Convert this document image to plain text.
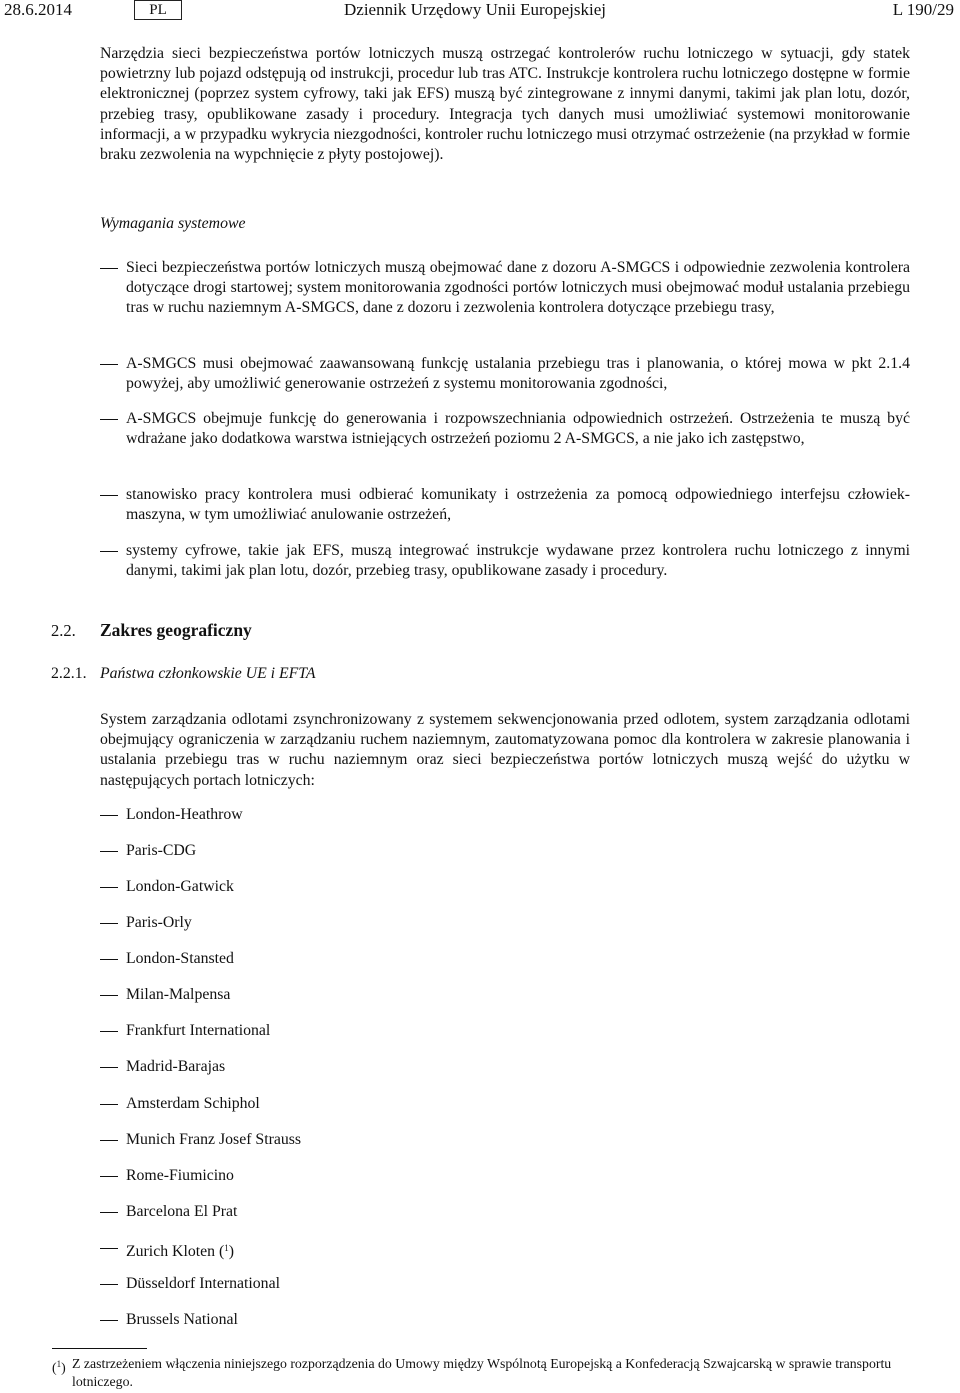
28.6.2014	PL	Dziennik Urzędowy Unii Europejskiej	L 190/29
Narzędzia sieci bezpieczeństwa portów lotniczych muszą ostrzegać kontrolerów ruchu lotniczego w sytuacji, gdy statek powietrzny lub pojazd odstępują od instrukcji, procedur lub tras ATC. Instrukcje kontrolera ruchu lotniczego dostępne w formie elektronicznej (poprzez system cyfrowy, taki jak EFS) muszą być zintegrowane z innymi danymi, takimi jak plan lotu, dozór, przebieg trasy, opublikowane zasady i procedury. Integracja tych danych musi umożliwiać systemowi monitorowanie informacji, a w przypadku wykrycia niezgodności, kontroler ruchu lotniczego musi otrzymać ostrzeżenie (na przykład w formie braku zezwolenia na wypchnięcie z płyty postojowej).
Wymagania systemowe
Sieci bezpieczeństwa portów lotniczych muszą obejmować dane z dozoru A-SMGCS i odpowiednie zezwolenia kontrolera dotyczące drogi startowej; system monitorowania zgodności portów lotniczych musi obejmować moduł ustalania przebiegu tras w ruchu naziemnym A-SMGCS, dane z dozoru i zezwolenia kontrolera dotyczące przebiegu trasy,
A-SMGCS musi obejmować zaawansowaną funkcję ustalania przebiegu tras i planowania, o której mowa w pkt 2.1.4 powyżej, aby umożliwić generowanie ostrzeżeń z systemu monitorowania zgodności,
A-SMGCS obejmuje funkcję do generowania i rozpowszechniania odpowiednich ostrzeżeń. Ostrzeżenia te muszą być wdrażane jako dodatkowa warstwa istniejących ostrzeżeń poziomu 2 A-SMGCS, a nie jako ich zastępstwo,
stanowisko pracy kontrolera musi odbierać komunikaty i ostrzeżenia za pomocą odpowiedniego interfejsu człowiek-maszyna, w tym umożliwiać anulowanie ostrzeżeń,
systemy cyfrowe, takie jak EFS, muszą integrować instrukcje wydawane przez kontrolera ruchu lotniczego z innymi danymi, takimi jak plan lotu, dozór, przebieg trasy, opublikowane zasady i procedury.
2.2. Zakres geograficzny
2.2.1. Państwa członkowskie UE i EFTA
System zarządzania odlotami zsynchronizowany z systemem sekwencjonowania przed odlotem, system zarządzania odlotami obejmujący ograniczenia w zarządzaniu ruchem naziemnym, zautomatyzowana pomoc dla kontrolera w zakresie planowania i ustalania przebiegu tras w ruchu naziemnym oraz sieci bezpieczeństwa portów lotniczych muszą wejść do użytku w następujących portach lotniczych:
London-Heathrow
Paris-CDG
London-Gatwick
Paris-Orly
London-Stansted
Milan-Malpensa
Frankfurt International
Madrid-Barajas
Amsterdam Schiphol
Munich Franz Josef Strauss
Rome-Fiumicino
Barcelona El Prat
Zurich Kloten ($^1$)
Düsseldorf International
Brussels National
($^1$) Z zastrzeżeniem włączenia niniejszego rozporządzenia do Umowy między Wspólnotą Europejską a Konfederacją Szwajcarską w sprawie transportu lotniczego.
